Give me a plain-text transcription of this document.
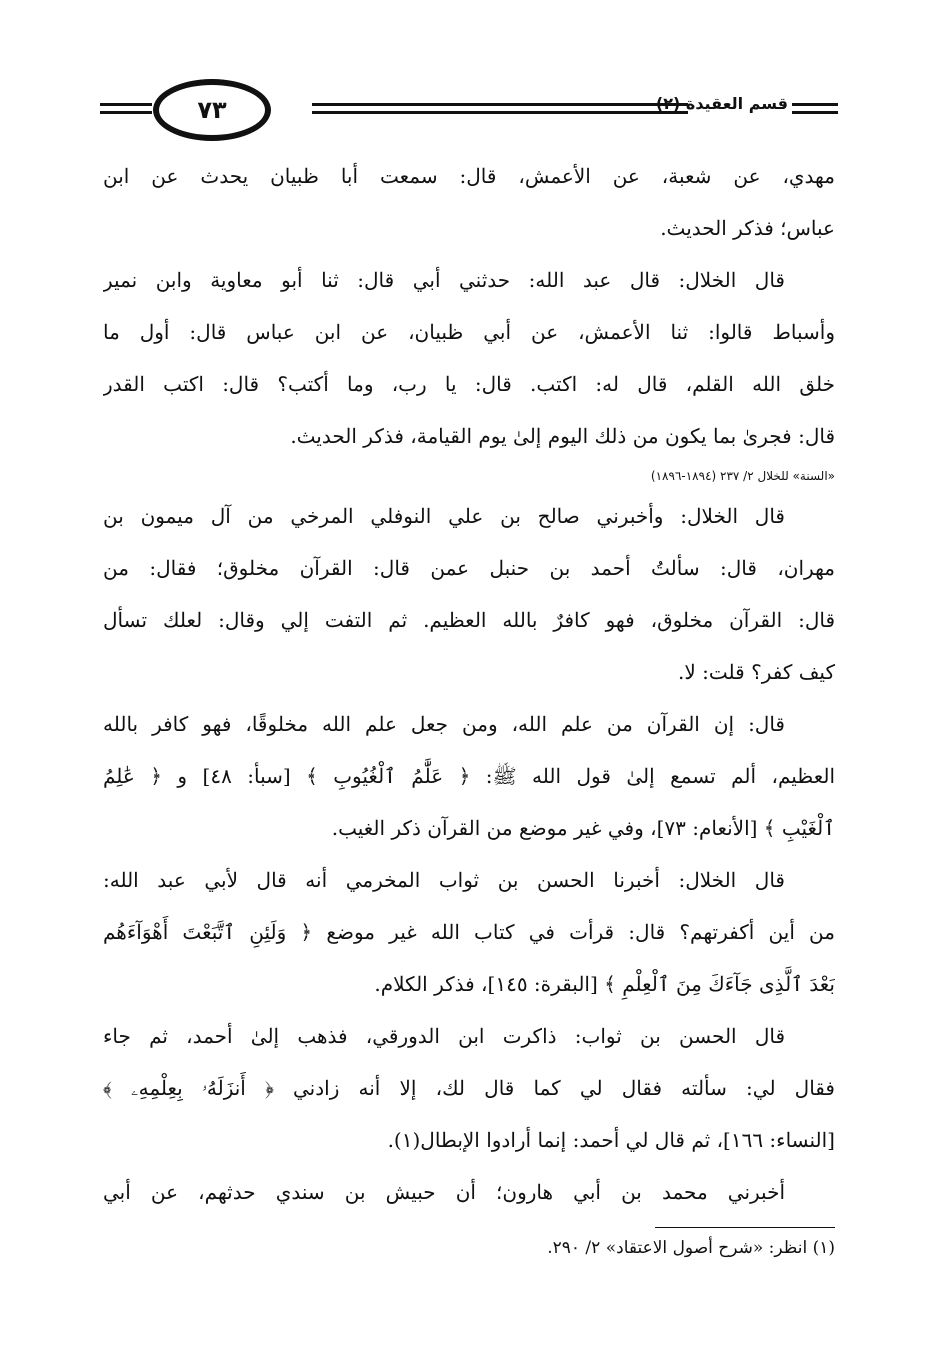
٧٣	قسم العقيدة (٢)
مهدي، عن شعبة، عن الأعمش، قال: سمعت أبا ظبيان يحدث عن ابن
عباس؛ فذكر الحديث.
قال الخلال: قال عبد الله: حدثني أبي قال: ثنا أبو معاوية وابن نمير
وأسباط قالوا: ثنا الأعمش، عن أبي ظبيان، عن ابن عباس قال: أول ما
خلق الله القلم، قال له: اكتب. قال: يا رب، وما أكتب؟ قال: اكتب القدر
قال: فجرىٰ بما يكون من ذلك اليوم إلىٰ يوم القيامة، فذكر الحديث.
«السنة» للخلال ٢/ ٢٣٧ (١٨٩٤-١٨٩٦)
قال الخلال: وأخبرني صالح بن علي النوفلي المرخي من آل ميمون بن
مهران، قال: سألتُ أحمد بن حنبل عمن قال: القرآن مخلوق؛ فقال: من
قال: القرآن مخلوق، فهو كافرٌ بالله العظيم. ثم التفت إلي وقال: لعلك تسأل
كيف كفر؟ قلت: لا.
قال: إن القرآن من علم الله، ومن جعل علم الله مخلوقًا، فهو كافر بالله
العظيم، ألم تسمع إلىٰ قول الله ﷺ: ﴿ عَلَّٰمُ ٱلْغُيُوبِ ﴾ [سبأ: ٤٨] و ﴿ عَٰلِمُ
ٱلْغَيْبِ ﴾ [الأنعام: ٧٣]، وفي غير موضع من القرآن ذكر الغيب.
قال الخلال: أخبرنا الحسن بن ثواب المخرمي أنه قال لأبي عبد الله:
من أين أكفرتهم؟ قال: قرأت في كتاب الله غير موضع ﴿ وَلَئِنِ ٱتَّبَعْتَ أَهْوَآءَهُم
بَعْدَ ٱلَّذِى جَآءَكَ مِنَ ٱلْعِلْمِ ﴾ [البقرة: ١٤٥]، فذكر الكلام.
قال الحسن بن ثواب: ذاكرت ابن الدورقي، فذهب إلىٰ أحمد، ثم جاء
فقال لي: سألته فقال لي كما قال لك، إلا أنه زادني ﴿ أَنزَلَهُۥ بِعِلْمِهِۦ ﴾
[النساء: ١٦٦]، ثم قال لي أحمد: إنما أرادوا الإبطال(١).
أخبرني محمد بن أبي هارون؛ أن حبيش بن سندي حدثهم، عن أبي
(١) انظر: «شرح أصول الاعتقاد» ٢/ ٢٩٠.
